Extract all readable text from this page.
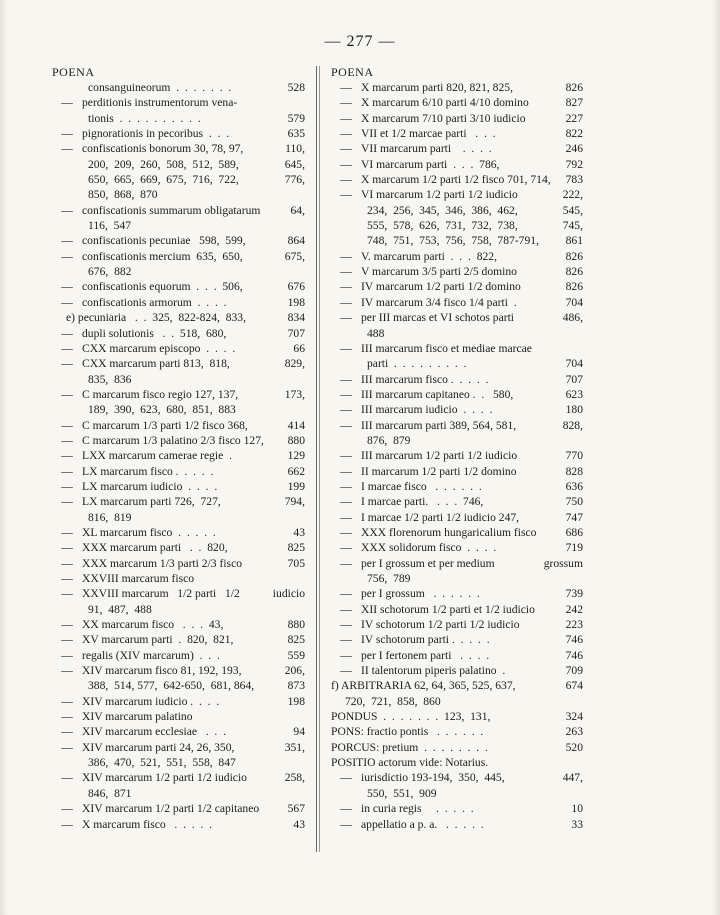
— 277 —
POENA
consanguineorum  .  .  .  .  .  .  .	528
— perditionis instrumentorum vena-
tionis  .  .  .  .  .  .  .  .  .  .	579
— pignorationis in pecoribus  .  .  .	635
— confiscationis bonorum 30, 78, 97,	110,
200,  209,  260,  508,  512,  589,	645,
650,  665,  669,  675,  716,  722,	776,
850,  868,  870
— confiscationis summarum obligatarum	64,
116,  547
— confiscationis pecuniae   598,  599,	864
— confiscationis mercium  635,  650,	675,
676,  882
— confiscationis equorum  .  .  .  506,	676
— confiscationis armorum  .  .  .  .	198
e) pecuniaria   .  .  325,  822-824,  833,	834
— dupli solutionis   .  .  518,  680,	707
— CXX marcarum episcopo  .  .  .  .	66
— CXX marcarum parti 813,  818,	829,
835,  836
— C marcarum fisco regio 127, 137,	173,
189,  390,  623,  680,  851,  883
— C marcarum 1/3 parti 1/2 fisco 368,	414
— C marcarum 1/3 palatino 2/3 fisco 127,	880
— LXX marcarum camerae regie  .	129
— LX marcarum fisco .  .  .  .  .	662
— LX marcarum iudicio  .  .  .  .	199
— LX marcarum parti 726,  727,	794,
816,  819
— XL marcarum fisco  .  .  .  .  .	43
— XXX marcarum parti   .  .  820,	825
— XXX marcarum 1/3 parti 2/3 fisco	705
— XXVIII marcarum fisco
— XXVIII marcarum   1/2 parti   1/2	iudicio
91,  487,  488
— XX marcarum fisco   .  .  .  43,	880
— XV marcarum parti  .  820,  821,	825
— regalis (XIV marcarum)  .  .  .	559
— XIV marcarum fisco 81, 192, 193,	206,
388,  514, 577,  642-650,  681, 864,	873
— XIV marcarum iudicio .  .  .  .	198
— XIV marcarum palatino
— XIV marcarum ecclesiae   .  .  .	94
— XIV marcarum parti 24, 26, 350,	351,
386,  470,  521,  551,  558,  847
— XIV marcarum 1/2 parti 1/2 iudicio	258,
846,  871
— XIV marcarum 1/2 parti 1/2 capitaneo	567
— X marcarum fisco   .  .  .  .  .	43
POENA
— X marcarum parti 820, 821, 825,	826
— X marcarum 6/10 parti 4/10 domino	827
— X marcarum 7/10 parti 3/10 iudicio	227
— VII et 1/2 marcae parti   .  .  .	822
— VII marcarum parti    .  .  .  .	246
— VI marcarum parti  .  .  .  786,	792
— X marcarum 1/2 parti 1/2 fisco 701, 714,	783
— VI marcarum 1/2 parti 1/2 iudicio	222,
234,  256,  345,  346,  386,  462,	545,
555,  578,  626,  731,  732,  738,	745,
748,  751,  753,  756,  758,  787-791,	861
— V. marcarum parti  .  .  .  822,	826
— V marcarum 3/5 parti 2/5 domino	826
— IV marcarum 1/2 parti 1/2 domino	826
— IV marcarum 3/4 fisco 1/4 parti  .	704
— per III marcas et VI schotos parti	486,
488
— III marcarum fisco et mediae marcae
parti  .  .  .  .  .  .  .  .  .	704
— III marcarum fisco .  .  .  .  .	707
— III marcarum capitaneo .  .   580,	623
— III marcarum iudicio  .  .  .  .	180
— III marcarum parti 389, 564, 581,	828,
876,  879
— III marcarum 1/2 parti 1/2 iudicio	770
— II marcarum 1/2 parti 1/2 domino	828
— I marcae fisco   .  .  .  .  .  .	636
— I marcae parti.   .  .  .  746,	750
— I marcae 1/2 parti 1/2 iudicio 247,	747
— XXX florenorum hungaricalium fisco	686
— XXX solidorum fisco  .  .  .  .	719
— per I grossum et per medium	grossum
756,  789
— per I grossum   .  .  .  .  .  .	739
— XII schotorum 1/2 parti et 1/2 iudicio	242
— IV schotorum 1/2 parti 1/2 iudicio	223
— IV schotorum parti .  .  .  .  .	746
— per I fertonem parti   .  .  .  .	746
— II talentorum piperis palatino  .	709
f) ARBITRARIA 62, 64, 365, 525, 637,	674
720,  721,  858,  860
PONDUS  .  .  .  .  .  .  .  123,  131,	324
PONS: fractio pontis   .  .  .  .  .  .	263
PORCUS: pretium  .  .  .  .  .  .  .  .	520
POSITIO actorum vide: Notarius.
— iurisdictio 193-194,  350,  445,	447,
550,  551,  909
— in curia regis     .  .  .  .  .	10
— appellatio a p. a.   .  .  .  .  .	33
